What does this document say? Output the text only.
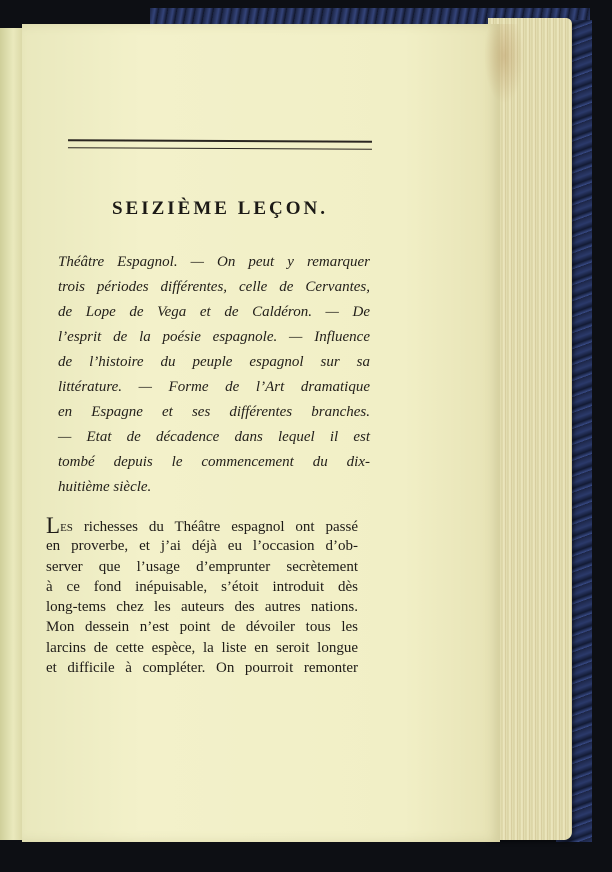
SEIZIÈME LEÇON.
Théâtre Espagnol. — On peut y remarquer
trois périodes différentes, celle de Cervantes,
de Lope de Vega et de Caldéron. — De
l’esprit de la poésie espagnole. — Influence
de l’histoire du peuple espagnol sur sa
littérature. — Forme de l’Art dramatique
en Espagne et ses différentes branches.
— Etat de décadence dans lequel il est
tombé depuis le commencement du dix-
huitième siècle.
Les richesses du Théâtre espagnol ont passé
en proverbe, et j’ai déjà eu l’occasion d’ob-
server que l’usage d’emprunter secrètement
à ce fond inépuisable, s’étoit introduit dès
long-tems chez les auteurs des autres nations.
Mon dessein n’est point de dévoiler tous les
larcins de cette espèce, la liste en seroit longue
et difficile à compléter. On pourroit remonter
